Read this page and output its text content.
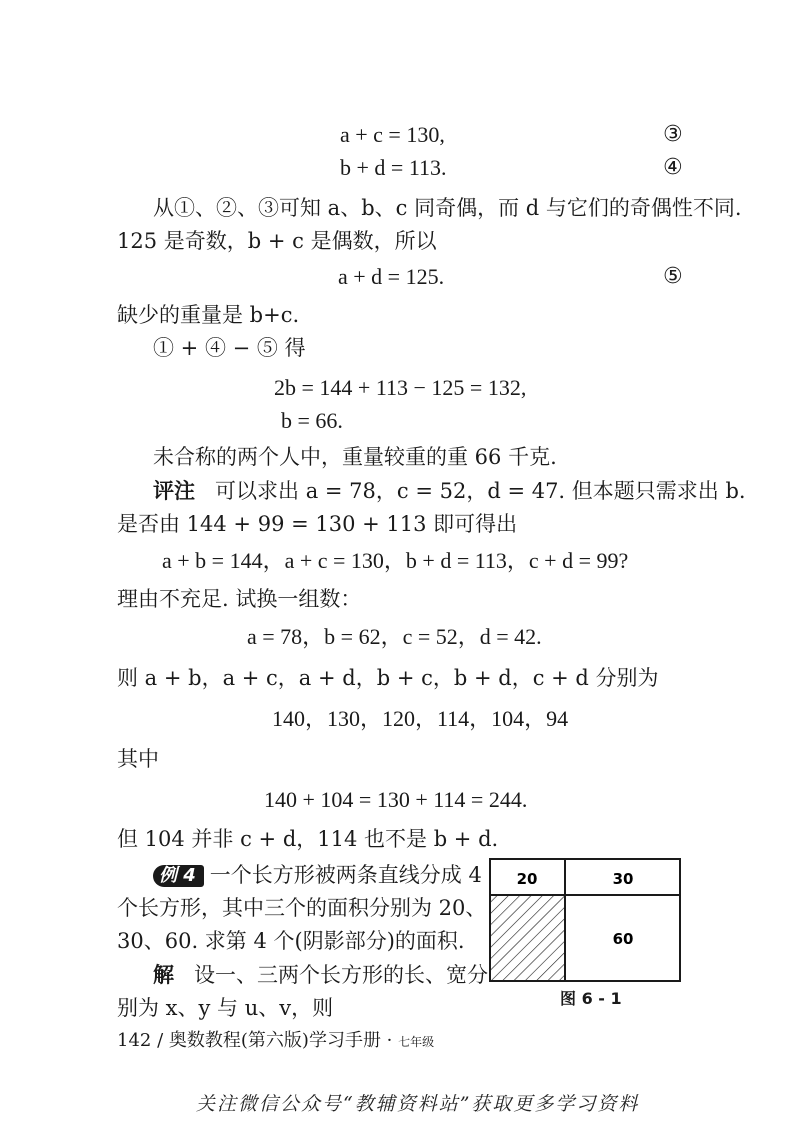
a + c = 130,	③
b + d = 113.	④
从①、②、③可知 a、b、c 同奇偶，而 d 与它们的奇偶性不同.
125 是奇数，b + c 是偶数，所以
a + d = 125.	⑤
缺少的重量是 b+c.
① + ④ − ⑤ 得
2b = 144 + 113 − 125 = 132,
b = 66.
未合称的两个人中，重量较重的重 66 千克.
评注 可以求出 a = 78，c = 52，d = 47. 但本题只需求出 b.
是否由 144 + 99 = 130 + 113 即可得出
a + b = 144，a + c = 130，b + d = 113，c + d = 99?
理由不充足. 试换一组数：
a = 78，b = 62，c = 52，d = 42.
则 a + b，a + c，a + d，b + c，b + d，c + d 分别为
140，130，120，114，104，94
其中
140 + 104 = 130 + 114 = 244.
但 104 并非 c + d，114 也不是 b + d.
例 4 一个长方形被两条直线分成 4
个长方形，其中三个的面积分别为 20、
30、60. 求第 4 个(阴影部分)的面积.
解 设一、三两个长方形的长、宽分
别为 x、y 与 u、v，则
20	30
60
图 6 - 1
142 / 奥数教程(第六版)学习手册 · 七年级
关注微信公众号“教辅资料站”获取更多学习资料
